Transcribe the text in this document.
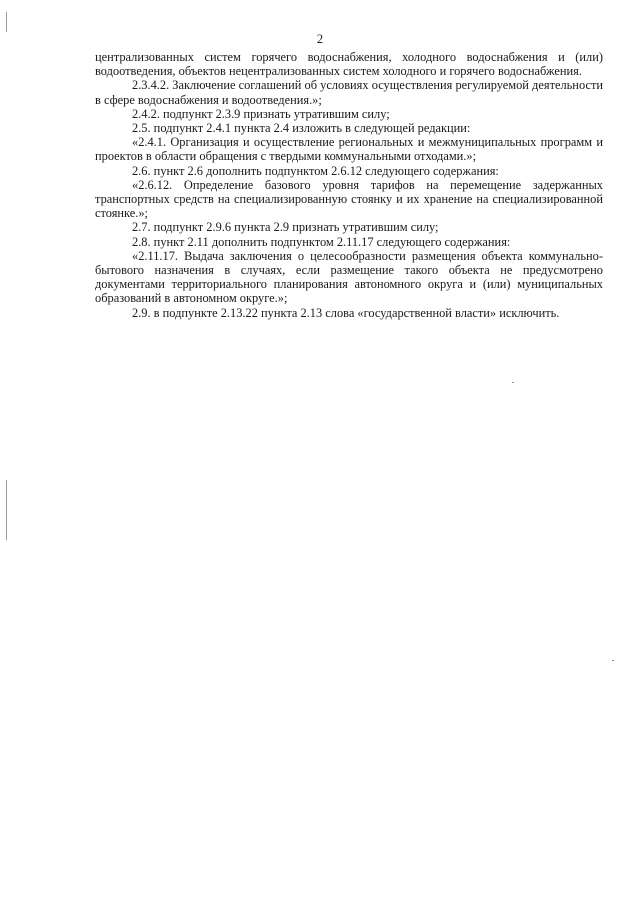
2

централизованных систем горячего водоснабжения, холодного водоснабжения и (или) водоотведения, объектов нецентрализованных систем холодного и горячего водоснабжения.

2.3.4.2. Заключение соглашений об условиях осуществления регулируемой деятельности в сфере водоснабжения и водоотведения.»;

2.4.2. подпункт 2.3.9 признать утратившим силу;

2.5. подпункт 2.4.1 пункта 2.4 изложить в следующей редакции:

«2.4.1. Организация и осуществление региональных и межмуниципальных программ и проектов в области обращения с твердыми коммунальными отходами.»;

2.6. пункт 2.6 дополнить подпунктом 2.6.12 следующего содержания:

«2.6.12. Определение базового уровня тарифов на перемещение задержанных транспортных средств на специализированную стоянку и их хранение на специализированной стоянке.»;

2.7. подпункт 2.9.6 пункта 2.9 признать утратившим силу;

2.8. пункт 2.11 дополнить подпунктом 2.11.17 следующего содержания:

«2.11.17. Выдача заключения о целесообразности размещения объекта коммунально-бытового назначения в случаях, если размещение такого объекта не предусмотрено документами территориального планирования автономного округа и (или) муниципальных образований в автономном округе.»;

2.9. в подпункте 2.13.22 пункта 2.13 слова «государственной власти» исключить.
